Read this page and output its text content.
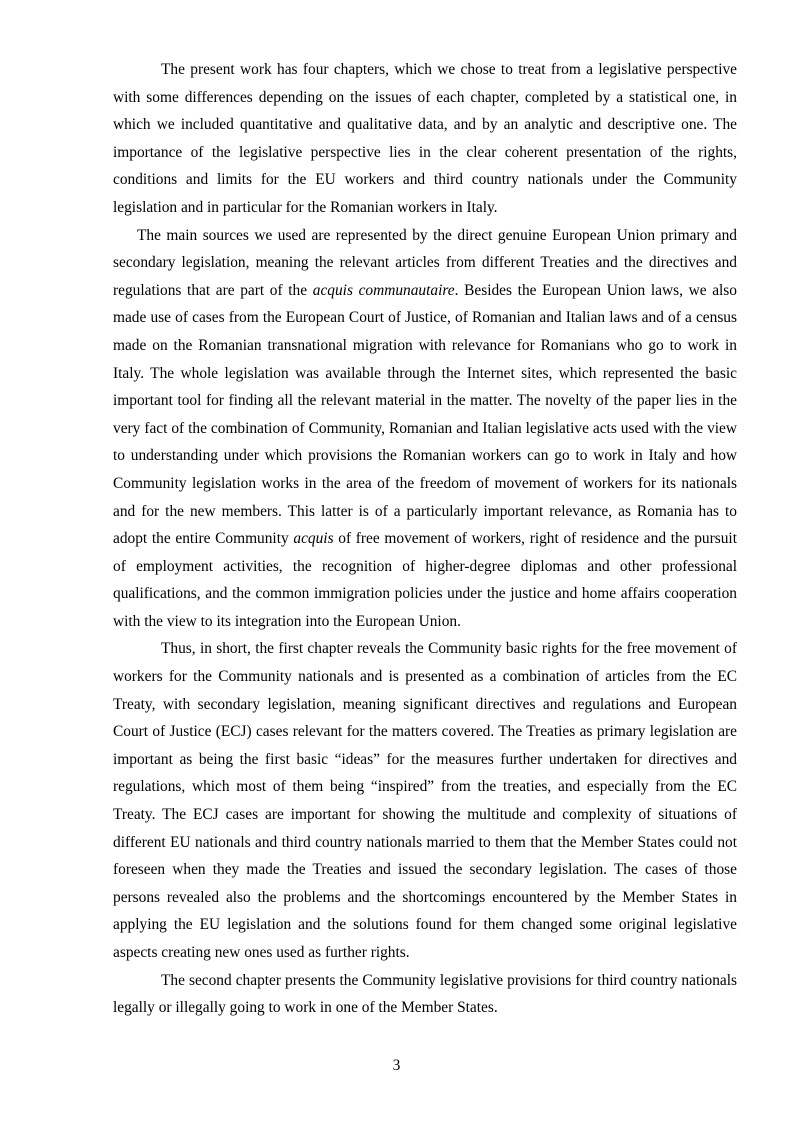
The present work has four chapters, which we chose to treat from a legislative perspective with some differences depending on the issues of each chapter, completed by a statistical one, in which we included quantitative and qualitative data, and by an analytic and descriptive one. The importance of the legislative perspective lies in the clear coherent presentation of the rights, conditions and limits for the EU workers and third country nationals under the Community legislation and in particular for the Romanian workers in Italy.

The main sources we used are represented by the direct genuine European Union primary and secondary legislation, meaning the relevant articles from different Treaties and the directives and regulations that are part of the acquis communautaire. Besides the European Union laws, we also made use of cases from the European Court of Justice, of Romanian and Italian laws and of a census made on the Romanian transnational migration with relevance for Romanians who go to work in Italy. The whole legislation was available through the Internet sites, which represented the basic important tool for finding all the relevant material in the matter. The novelty of the paper lies in the very fact of the combination of Community, Romanian and Italian legislative acts used with the view to understanding under which provisions the Romanian workers can go to work in Italy and how Community legislation works in the area of the freedom of movement of workers for its nationals and for the new members. This latter is of a particularly important relevance, as Romania has to adopt the entire Community acquis of free movement of workers, right of residence and the pursuit of employment activities, the recognition of higher-degree diplomas and other professional qualifications, and the common immigration policies under the justice and home affairs cooperation with the view to its integration into the European Union.

Thus, in short, the first chapter reveals the Community basic rights for the free movement of workers for the Community nationals and is presented as a combination of articles from the EC Treaty, with secondary legislation, meaning significant directives and regulations and European Court of Justice (ECJ) cases relevant for the matters covered. The Treaties as primary legislation are important as being the first basic “ideas” for the measures further undertaken for directives and regulations, which most of them being “inspired” from the treaties, and especially from the EC Treaty. The ECJ cases are important for showing the multitude and complexity of situations of different EU nationals and third country nationals married to them that the Member States could not foreseen when they made the Treaties and issued the secondary legislation. The cases of those persons revealed also the problems and the shortcomings encountered by the Member States in applying the EU legislation and the solutions found for them changed some original legislative aspects creating new ones used as further rights.

The second chapter presents the Community legislative provisions for third country nationals legally or illegally going to work in one of the Member States.

3
